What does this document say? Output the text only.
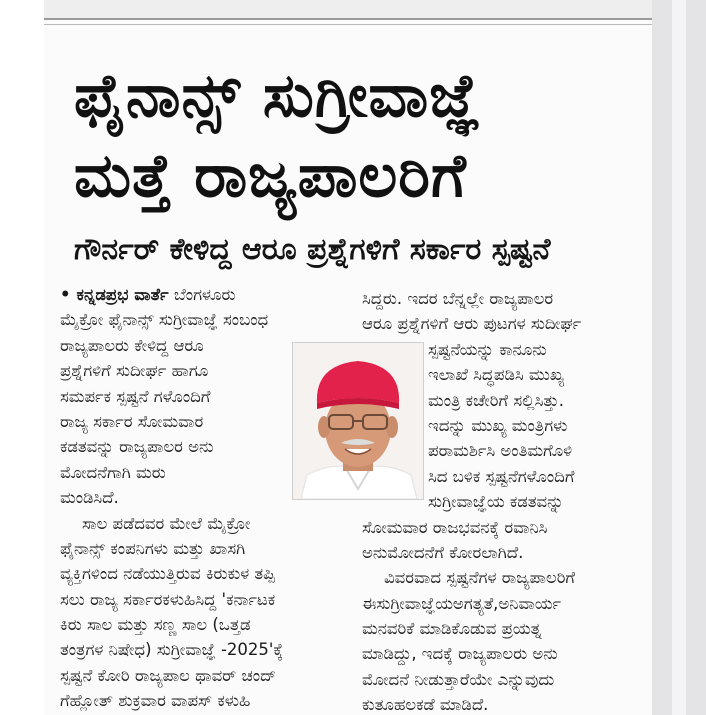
ಫೈನಾನ್ಸ್ ಸುಗ್ರೀವಾಜ್ಞೆ
ಮತ್ತೆ ರಾಜ್ಯಪಾಲರಿಗೆ
ಗೌರ್ನರ್ ಕೇಳಿದ್ದ ಆರೂ ಪ್ರಶ್ನೆಗಳಿಗೆ ಸರ್ಕಾರ ಸ್ಪಷ್ಟನೆ
• ಕನ್ನಡಪ್ರಭ ವಾರ್ತೆ ಬೆಂಗಳೂರು
ಮೈಕ್ರೋ ಫೈನಾನ್ಸ್ ಸುಗ್ರೀವಾಜ್ಞೆ ಸಂಬಂಧ
ರಾಜ್ಯಪಾಲರು ಕೇಳಿದ್ದ ಆರೂ
ಪ್ರಶ್ನೆಗಳಿಗೆ ಸುದೀರ್ಘ ಹಾಗೂ
ಸಮರ್ಪಕ ಸ್ಪಷ್ಟನೆ ಗಳೊಂದಿಗೆ
ರಾಜ್ಯ ಸರ್ಕಾರ ಸೋಮವಾರ
ಕಡತವನ್ನು ರಾಜ್ಯಪಾಲರ ಅನು
ಮೋದನೆಗಾಗಿ ಮರು
ಮಂಡಿಸಿದೆ.
ಸಾಲ ಪಡೆದವರ ಮೇಲೆ ಮೈಕ್ರೋ
ಫೈನಾನ್ಸ್ ಕಂಪನಿಗಳು ಮತ್ತು ಖಾಸಗಿ
ವ್ಯಕ್ತಿಗಳಿಂದ ನಡೆಯುತ್ತಿರುವ ಕಿರುಕುಳ ತಪ್ಪಿ
ಸಲು ರಾಜ್ಯ ಸರ್ಕಾರಕಳುಹಿಸಿದ್ದ 'ಕರ್ನಾಟಕ
ಕಿರು ಸಾಲ ಮತ್ತು ಸಣ್ಣ ಸಾಲ (ಒತ್ತಡ
ತಂತ್ರಗಳ ನಿಷೇಧ) ಸುಗ್ರೀವಾಜ್ಞೆ -2025'ಕ್ಕೆ
ಸ್ಪಷ್ಟನೆ ಕೋರಿ ರಾಜ್ಯಪಾಲ ಥಾವರ್ ಚಂದ್
ಗೆಹ್ಲೋತ್ ಶುಕ್ರವಾರ ವಾಪಸ್ ಕಳುಹಿ
ಸಿದ್ದರು. ಇದರ ಬೆನ್ನಲ್ಲೇ ರಾಜ್ಯಪಾಲರ
ಆರೂ ಪ್ರಶ್ನೆಗಳಿಗೆ ಆರು ಪುಟಗಳ ಸುದೀರ್ಘ
ಸ್ಪಷ್ಟನೆಯನ್ನು ಕಾನೂನು
ಇಲಾಖೆ ಸಿದ್ಧಪಡಿಸಿ ಮುಖ್ಯ
ಮಂತ್ರಿ ಕಚೇರಿಗೆ ಸಲ್ಲಿಸಿತ್ತು.
ಇದನ್ನು ಮುಖ್ಯ ಮಂತ್ರಿಗಳು
ಪರಾಮರ್ಶಿಸಿ ಅಂತಿಮಗೊಳಿ
ಸಿದ ಬಳಿಕ ಸ್ಪಷ್ಟನೆಗಳೊಂದಿಗೆ
ಸುಗ್ರೀವಾಜ್ಞೆಯ ಕಡತವನ್ನು
ಸೋಮವಾರ ರಾಜಭವನಕ್ಕೆ ರವಾನಿಸಿ
ಅನುಮೋದನೆಗೆ ಕೋರಲಾಗಿದೆ.
ವಿವರವಾದ ಸ್ಪಷ್ಟನೆಗಳ ರಾಜ್ಯಪಾಲರಿಗೆ
ಈಸುಗ್ರೀವಾಜ್ಞೆಯಅಗತ್ಯತೆ,ಅನಿವಾರ್ಯ
ಮನವರಿಕೆ ಮಾಡಿಕೊಡುವ ಪ್ರಯತ್ನ
ಮಾಡಿದ್ದು, ಇದಕ್ಕೆ ರಾಜ್ಯಪಾಲರು ಅನು
ಮೋದನೆ ನೀಡುತ್ತಾರೆಯೇ ಎನ್ನುವುದು
ಕುತೂಹಲಕಡೆ ಮಾಡಿದೆ.
